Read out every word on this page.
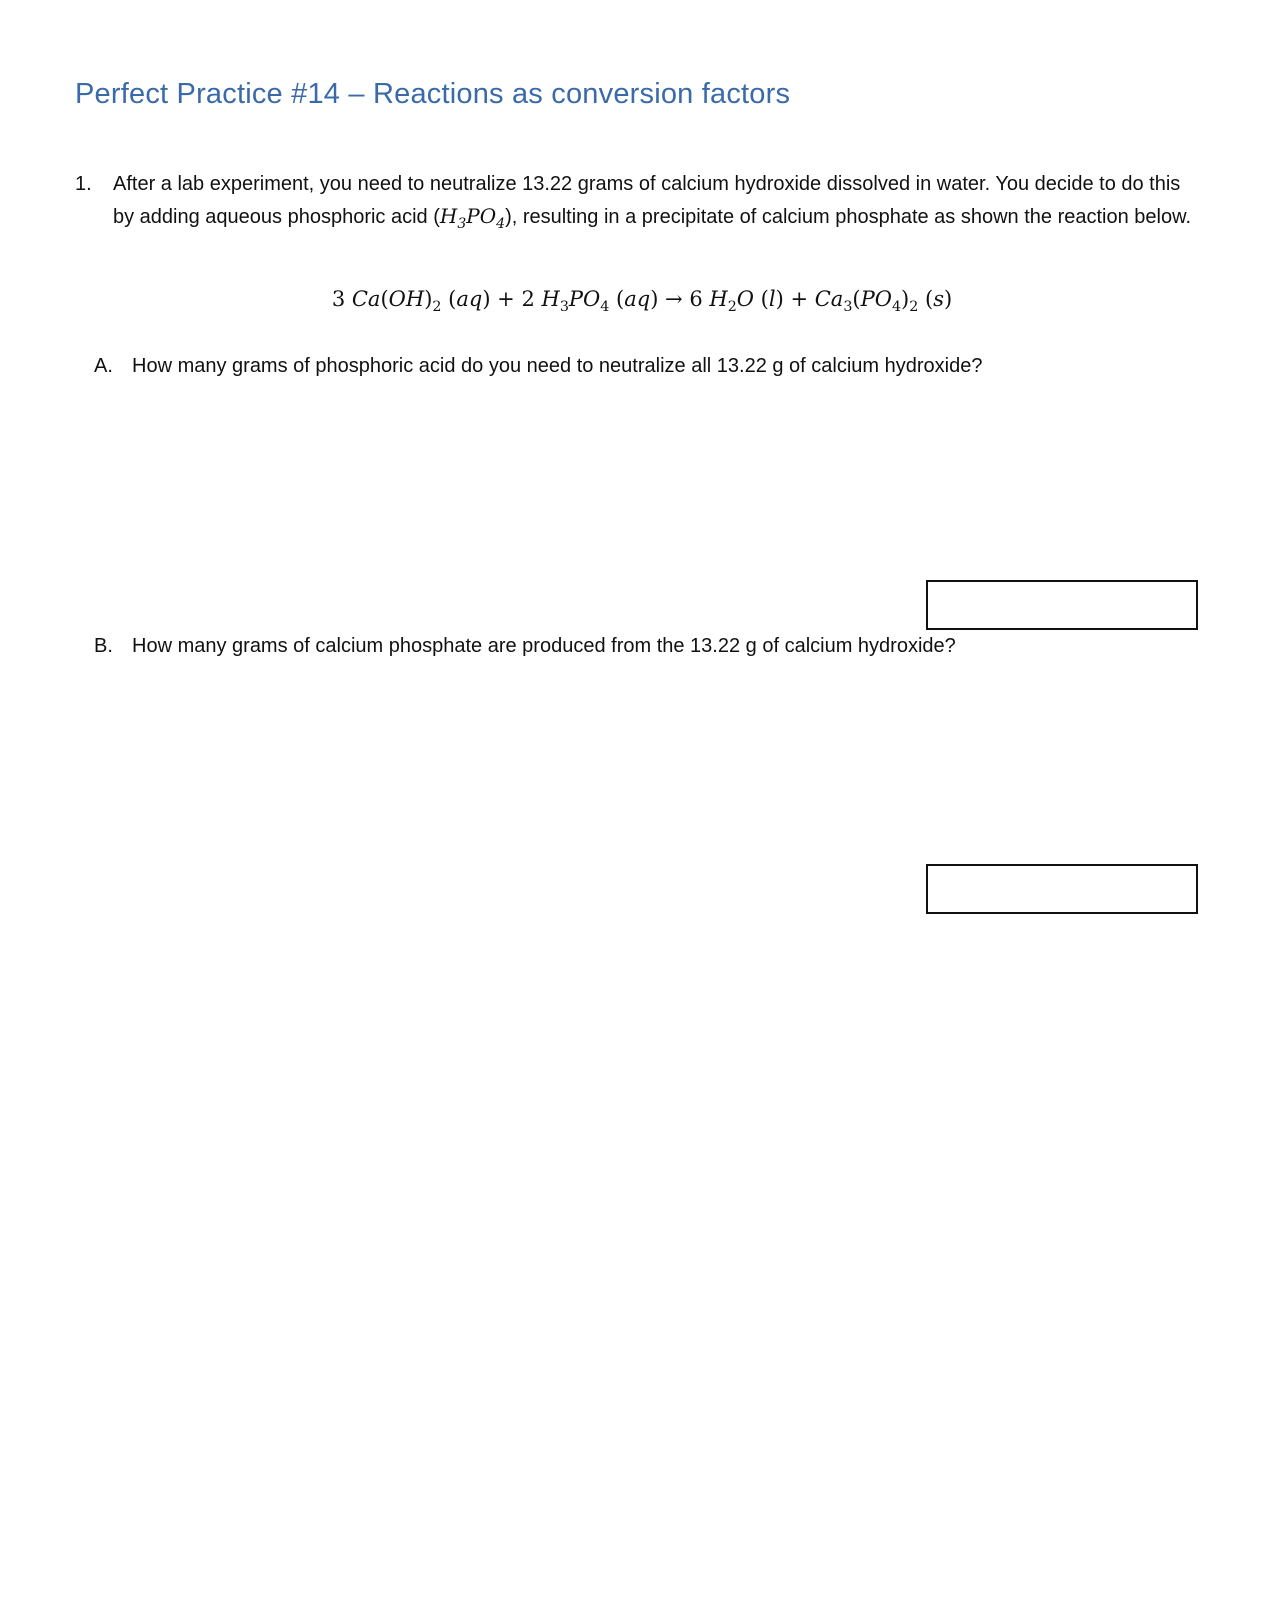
Perfect Practice #14 – Reactions as conversion factors
1. After a lab experiment, you need to neutralize 13.22 grams of calcium hydroxide dissolved in water. You decide to do this by adding aqueous phosphoric acid $(H_3PO_4)$, resulting in a precipitate of calcium phosphate as shown the reaction below.
3 $Ca(OH)_2$ (aq) + 2 $H_3PO_4$ (aq) → 6 $H_2O$ $(l) + Ca_3(PO_4)_2$ (s)
A. How many grams of phosphoric acid do you need to neutralize all 13.22 g of calcium hydroxide?
B. How many grams of calcium phosphate are produced from the 13.22 g of calcium hydroxide?
